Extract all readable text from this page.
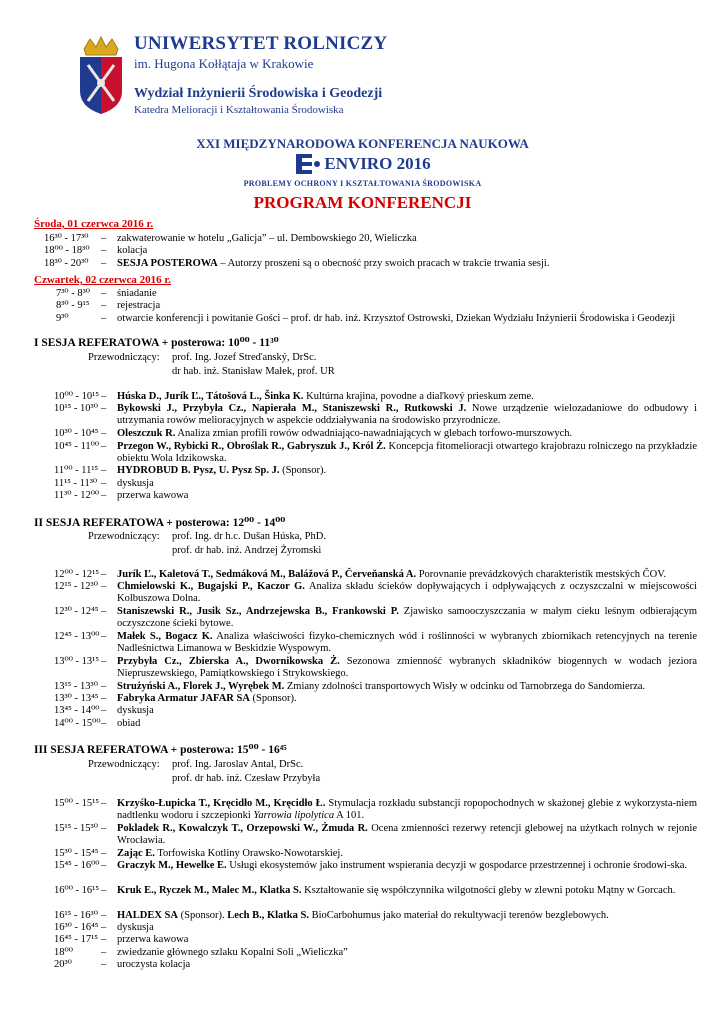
UNIWERSYTET ROLNICZY
im. Hugona Kołłątaja w Krakowie
Wydział Inżynierii Środowiska i Geodezji
Katedra Melioracji i Kształtowania Środowiska
XXI MIĘDZYNARODOWA KONFERENCJA NAUKOWA
ENVIRO 2016
PROBLEMY OCHRONY I KSZTAŁTOWANIA ŚRODOWISKA
PROGRAM KONFERENCJI
Środa, 01 czerwca 2016 r.
16³⁰ - 17³⁰ – zakwaterowanie w hotelu „Galicja” – ul. Dembowskiego 20, Wieliczka
18⁰⁰ - 18³⁰ – kolacja
18³⁰ - 20³⁰ – SESJA POSTEROWA – Autorzy proszeni są o obecność przy swoich pracach w trakcie trwania sesji.
Czwartek, 02 czerwca 2016 r.
7³⁰ - 8³⁰ – śniadanie
8³⁰ - 9¹⁵ – rejestracja
9³⁰	– otwarcie konferencji i powitanie Gości – prof. dr hab. inż. Krzysztof Ostrowski, Dziekan Wydziału Inżynierii Środowiska i Geodezji
I SESJA REFERATOWA + posterowa: 10⁰⁰ - 11³⁰
Przewodniczący: prof. Ing. Jozef Streďanský, DrSc.
dr hab. inż. Stanisław Małek, prof. UR
10⁰⁰ - 10¹⁵ – Húska D., Jurík Ľ., Tátošová L., Šinka K. Kultúrna krajina, povodne a diaľkový prieskum zeme.
10¹⁵ - 10³⁰ – Bykowski J., Przybyła Cz., Napierała M., Staniszewski R., Rutkowski J. Nowe urządzenie wielozadaniowe do odbudowy i utrzymania rowów melioracyjnych w aspekcie oddziaływania na środowisko przyrodnicze.
10³⁰ - 10⁴⁵ – Oleszczuk R. Analiza zmian profili rowów odwadniająco-nawadniających w glebach torfowo-murszowych.
10⁴⁵ - 11⁰⁰ – Przegon W., Rybicki R., Obroślak R., Gabryszuk J., Król Ż. Koncepcja fitomelioracji otwartego krajobrazu rolniczego na przykładzie obiektu Wola Idzikowska.
11⁰⁰ - 11¹⁵ – HYDROBUD B. Pysz, U. Pysz Sp. J. (Sponsor).
11¹⁵ - 11³⁰ – dyskusja
11³⁰ - 12⁰⁰ – przerwa kawowa
II SESJA REFERATOWA + posterowa: 12⁰⁰ - 14⁰⁰
Przewodniczący: prof. Ing. dr h.c. Dušan Húska, PhD.
prof. dr hab. inż. Andrzej Żyromski
12⁰⁰ - 12¹⁵ – Jurík Ľ., Kaletová T., Sedmáková M., Balážová P., Červeňanská A. Porovnanie prevádzkových charakteristík mestských ČOV.
12¹⁵ - 12³⁰ – Chmielowski K., Bugajski P., Kaczor G. Analiza składu ścieków dopływających i odpływających z oczyszczalni w miejscowości Kolbuszowa Dolna.
12³⁰ - 12⁴⁵ – Staniszewski R., Jusik Sz., Andrzejewska B., Frankowski P. Zjawisko samooczyszczania w małym cieku leśnym odbierającym oczyszczone ścieki bytowe.
12⁴⁵ - 13⁰⁰ – Małek S., Bogacz K. Analiza właściwości fizyko-chemicznych wód i roślinności w wybranych zbiornikach retencyjnych na terenie Nadleśnictwa Limanowa w Beskidzie Wyspowym.
13⁰⁰ - 13¹⁵ – Przybyła Cz., Zbierska A., Dwornikowska Ż. Sezonowa zmienność wybranych składników biogennych w wodach jeziora Niepruszewskiego, Pamiątkowskiego i Strykowskiego.
13¹⁵ - 13³⁰ – Strużyński A., Florek J., Wyrębek M. Zmiany zdolności transportowych Wisły w odcinku od Tarnobrzega do Sandomierza.
13³⁰ - 13⁴⁵ – Fabryka Armatur JAFAR SA (Sponsor).
13⁴⁵ - 14⁰⁰ – dyskusja
14⁰⁰ - 15⁰⁰ – obiad
III SESJA REFERATOWA + posterowa: 15⁰⁰ - 16⁴⁵
Przewodniczący: prof. Ing. Jaroslav Antal, DrSc.
prof. dr hab. inż. Czesław Przybyła
15⁰⁰ - 15¹⁵ – Krzyśko-Łupicka T., Kręcidło M., Kręcidło Ł. Stymulacja rozkładu substancji ropopochodnych w skażonej glebie z wykorzysta-niem nadtlenku wodoru i szczepionki Yarrowia lipolytica A 101.
15¹⁵ - 15³⁰ – Pokladek R., Kowalczyk T., Orzepowski W., Żmuda R. Ocena zmienności rezerwy retencji glebowej na użytkach rolnych w rejonie Wrocławia.
15³⁰ - 15⁴⁵ – Zając E. Torfowiska Kotliny Orawsko-Nowotarskiej.
15⁴⁵ - 16⁰⁰ – Graczyk M., Hewelke E. Usługi ekosystemów jako instrument wspierania decyzji w gospodarce przestrzennej i ochronie środowi-ska.
16⁰⁰ - 16¹⁵ – Kruk E., Ryczek M., Malec M., Klatka S. Kształtowanie się współczynnika wilgotności gleby w zlewni potoku Mątny w Gorcach.
16¹⁵ - 16³⁰ – HALDEX SA (Sponsor). Lech B., Klatka S. BioCarbohumus jako materiał do rekultywacji terenów bezglebowych.
16³⁰ - 16⁴⁵ – dyskusja
16⁴⁵ - 17¹⁵ – przerwa kawowa
18⁰⁰	– zwiedzanie głównego szlaku Kopalni Soli „Wieliczka”
20³⁰	– uroczysta kolacja
